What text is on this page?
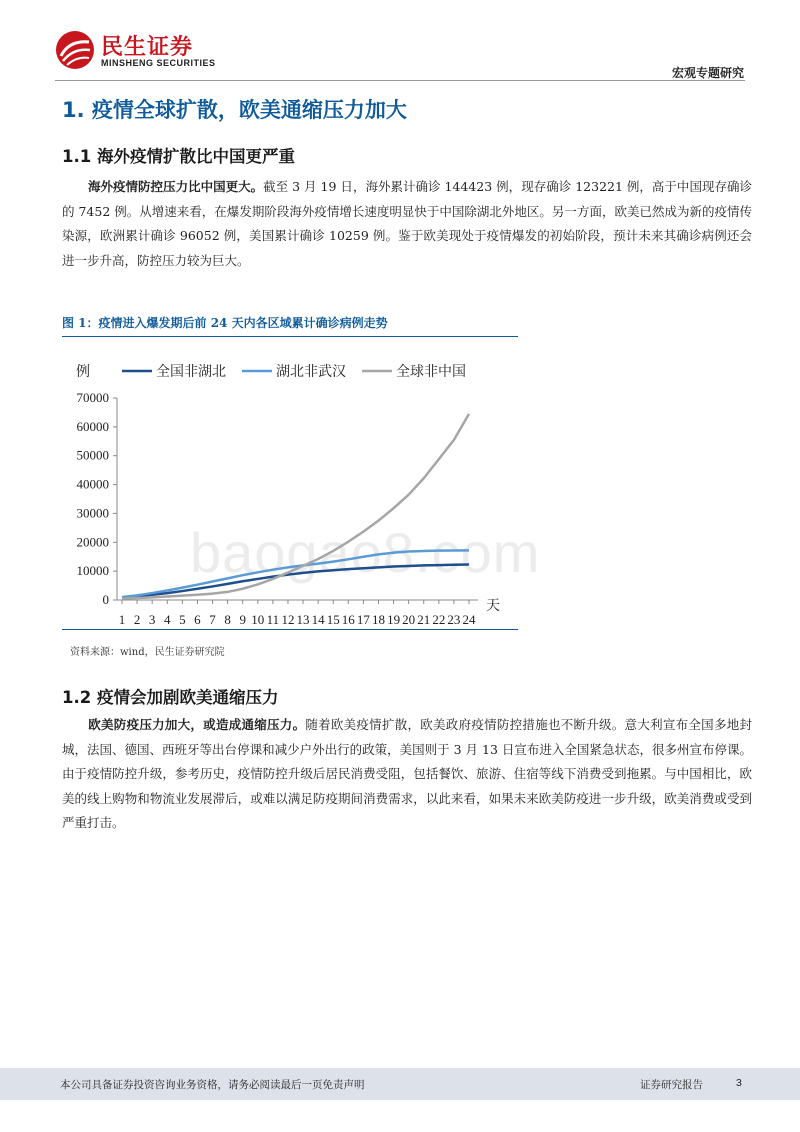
民生证券
MINSHENG SECURITIES
宏观专题研究
1. 疫情全球扩散，欧美通缩压力加大
1.1 海外疫情扩散比中国更严重
海外疫情防控压力比中国更大。截至 3 月 19 日，海外累计确诊 144423 例，现存确诊 123221 例，高于中国现存确诊的 7452 例。从增速来看，在爆发期阶段海外疫情增长速度明显快于中国除湖北外地区。另一方面，欧美已然成为新的疫情传染源，欧洲累计确诊 96052 例，美国累计确诊 10259 例。鉴于欧美现处于疫情爆发的初始阶段，预计未来其确诊病例还会进一步升高，防控压力较为巨大。
图 1：疫情进入爆发期后前 24 天内各区域累计确诊病例走势
baogao8.com
0
10000
20000
30000
40000
50000
60000
70000
1 2 3 4 5 6 7 8 9 10 11 12 13 14 15 16 17 18 19 20 21 22 23 24
例
天
全国非湖北	湖北非武汉	全球非中国
资料来源：wind，民生证券研究院
1.2 疫情会加剧欧美通缩压力
欧美防疫压力加大，或造成通缩压力。随着欧美疫情扩散，欧美政府疫情防控措施也不断升级。意大利宣布全国多地封城，法国、德国、西班牙等出台停课和减少户外出行的政策，美国则于 3 月 13 日宣布进入全国紧急状态，很多州宣布停课。由于疫情防控升级，参考历史，疫情防控升级后居民消费受阻，包括餐饮、旅游、住宿等线下消费受到拖累。与中国相比，欧美的线上购物和物流业发展滞后，或难以满足防疫期间消费需求，以此来看，如果未来欧美防疫进一步升级，欧美消费或受到严重打击。
本公司具备证券投资咨询业务资格，请务必阅读最后一页免责声明	证券研究报告	3
